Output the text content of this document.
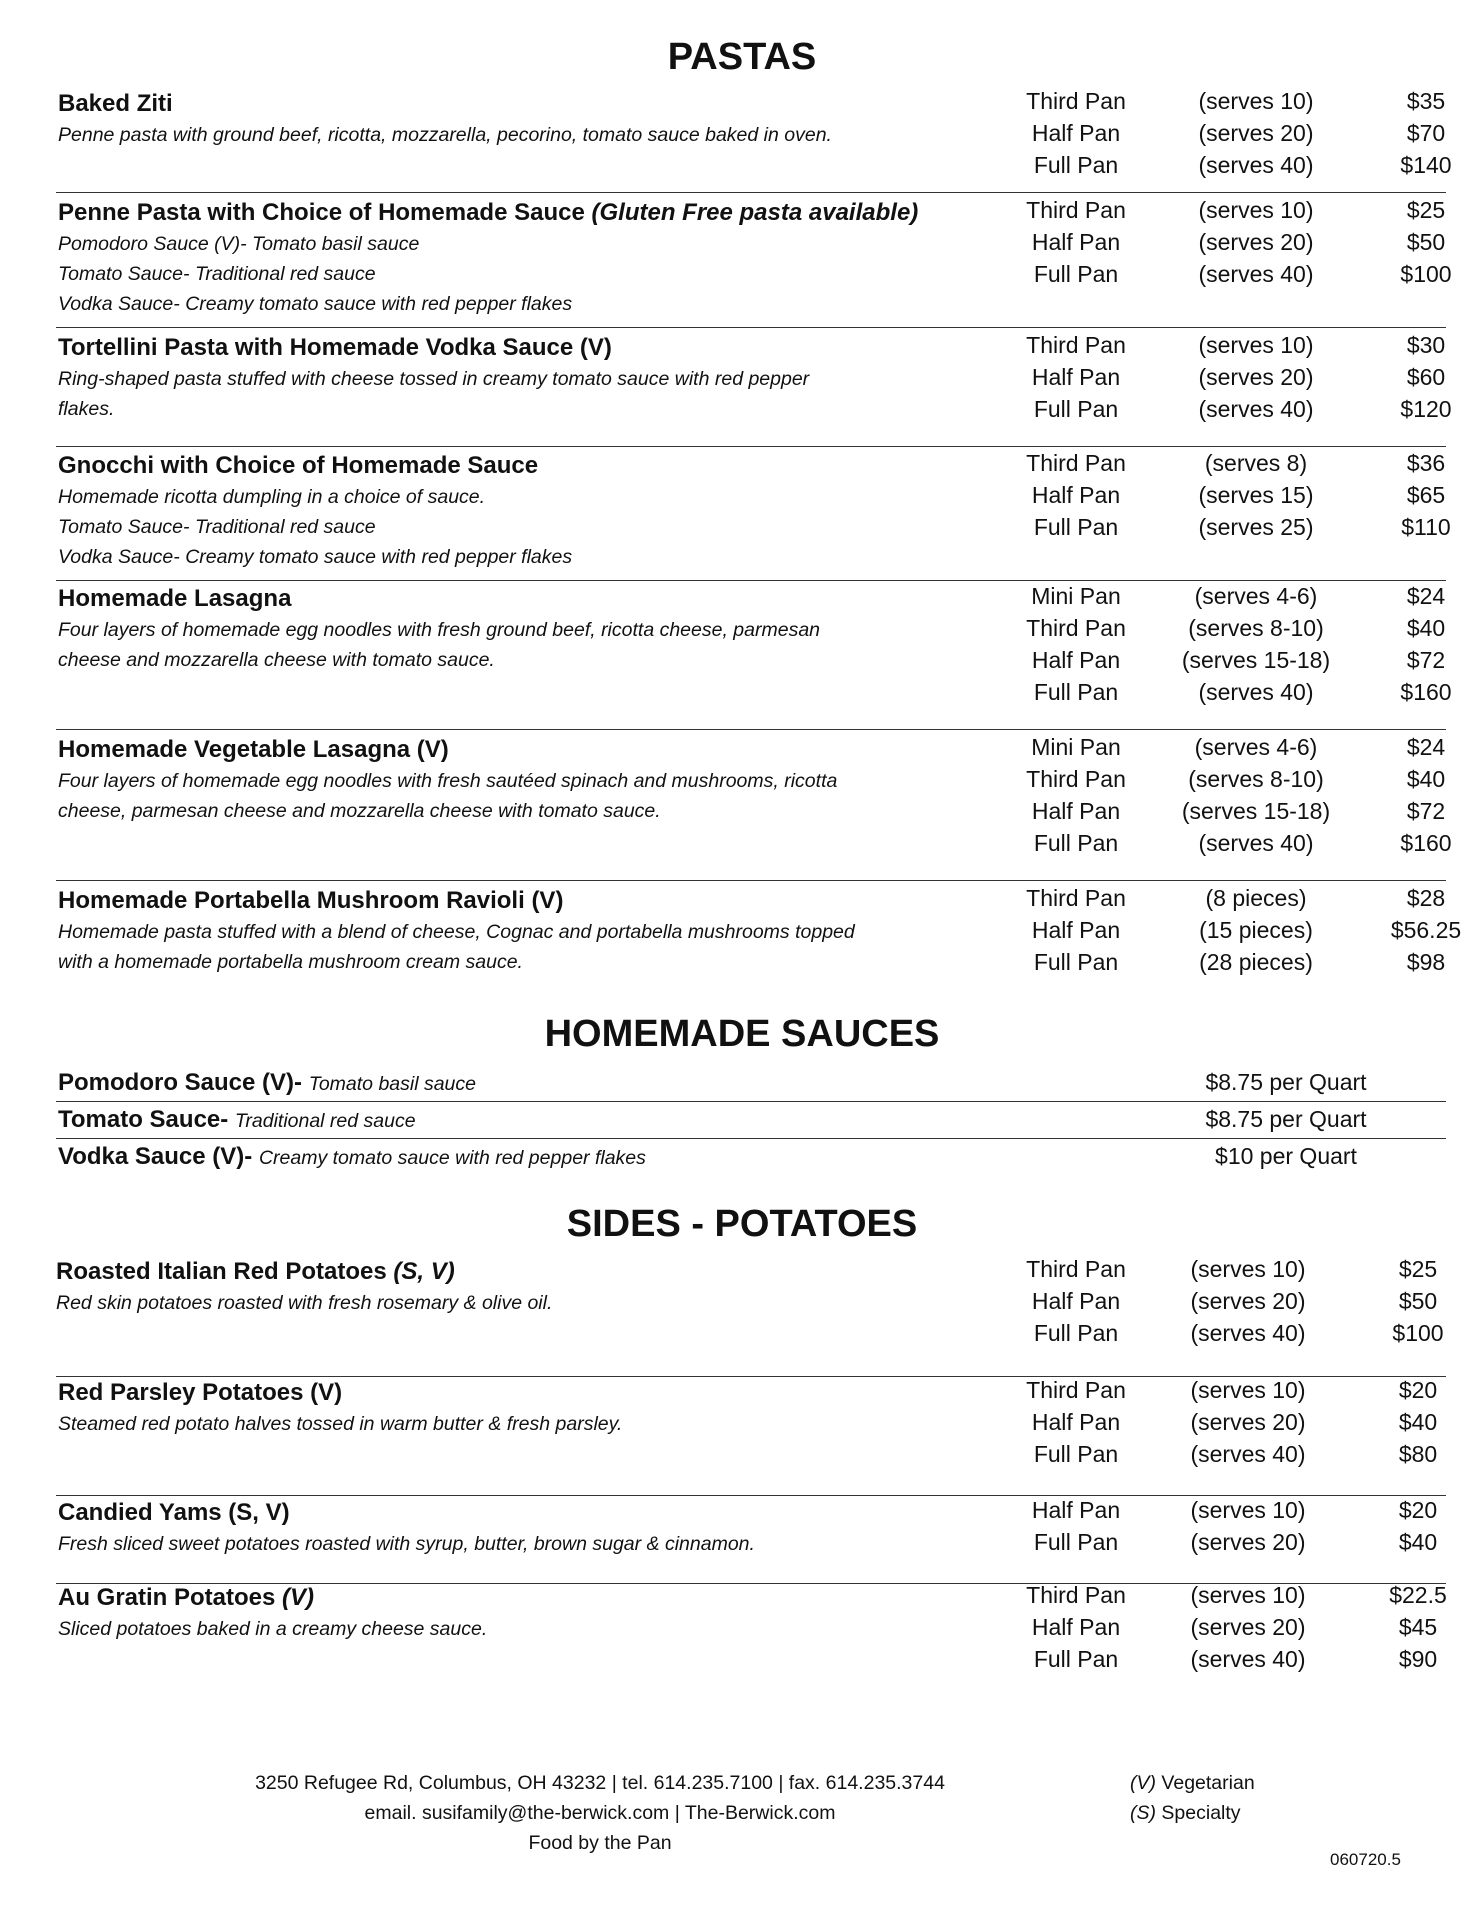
PASTAS
Baked Ziti
Penne pasta with ground beef, ricotta, mozzarella, pecorino, tomato sauce baked in oven.
Third Pan	(serves 10)	$35
Half Pan	(serves 20)	$70
Full Pan	(serves 40)	$140
Penne Pasta with Choice of Homemade Sauce (Gluten Free pasta available)
Pomodoro Sauce (V)- Tomato basil sauce
Tomato Sauce- Traditional red sauce
Vodka Sauce- Creamy tomato sauce with red pepper flakes
Third Pan	(serves 10)	$25
Half Pan	(serves 20)	$50
Full Pan	(serves 40)	$100
Tortellini Pasta with Homemade Vodka Sauce (V)
Ring-shaped pasta stuffed with cheese tossed in creamy tomato sauce with red pepper
flakes.
Third Pan	(serves 10)	$30
Half Pan	(serves 20)	$60
Full Pan	(serves 40)	$120
Gnocchi with Choice of Homemade Sauce
Homemade ricotta dumpling in a choice of sauce.
Tomato Sauce- Traditional red sauce
Vodka Sauce- Creamy tomato sauce with red pepper flakes
Third Pan	(serves 8)	$36
Half Pan	(serves 15)	$65
Full Pan	(serves 25)	$110
Homemade Lasagna
Four layers of homemade egg noodles with fresh ground beef, ricotta cheese, parmesan
cheese and mozzarella cheese with tomato sauce.
Mini Pan	(serves 4-6)	$24
Third Pan	(serves 8-10)	$40
Half Pan	(serves 15-18)	$72
Full Pan	(serves 40)	$160
Homemade Vegetable Lasagna (V)
Four layers of homemade egg noodles with fresh sautéed spinach and mushrooms, ricotta
cheese, parmesan cheese and mozzarella cheese with tomato sauce.
Mini Pan	(serves 4-6)	$24
Third Pan	(serves 8-10)	$40
Half Pan	(serves 15-18)	$72
Full Pan	(serves 40)	$160
Homemade Portabella Mushroom Ravioli (V)
Homemade pasta stuffed with a blend of cheese, Cognac and portabella mushrooms topped
with a homemade portabella mushroom cream sauce.
Third Pan	(8 pieces)	$28
Half Pan	(15 pieces)	$56.25
Full Pan	(28 pieces)	$98
HOMEMADE SAUCES
Pomodoro Sauce (V)- Tomato basil sauce	$8.75 per Quart
Tomato Sauce- Traditional red sauce	$8.75 per Quart
Vodka Sauce (V)- Creamy tomato sauce with red pepper flakes	$10 per Quart
SIDES - POTATOES
Roasted Italian Red Potatoes (S, V)
Red skin potatoes roasted with fresh rosemary & olive oil.
Third Pan	(serves 10)	$25
Half Pan	(serves 20)	$50
Full Pan	(serves 40)	$100
Red Parsley Potatoes (V)
Steamed red potato halves tossed in warm butter & fresh parsley.
Third Pan	(serves 10)	$20
Half Pan	(serves 20)	$40
Full Pan	(serves 40)	$80
Candied Yams (S, V)
Fresh sliced sweet potatoes roasted with syrup, butter, brown sugar & cinnamon.
Half Pan	(serves 10)	$20
Full Pan	(serves 20)	$40
Au Gratin Potatoes (V)
Sliced potatoes baked in a creamy cheese sauce.
Third Pan	(serves 10)	$22.5
Half Pan	(serves 20)	$45
Full Pan	(serves 40)	$90
3250 Refugee Rd, Columbus, OH 43232 | tel. 614.235.7100 | fax. 614.235.3744
email. susifamily@the-berwick.com | The-Berwick.com
Food by the Pan
(V) Vegetarian
(S) Specialty
060720.5
